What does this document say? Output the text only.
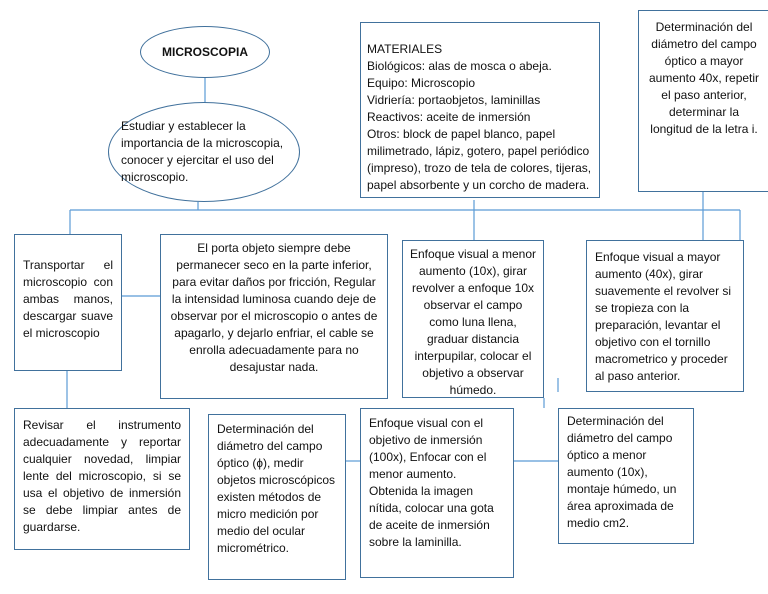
MICROSCOPIA
Estudiar y establecer la importancia de la microscopia, conocer y ejercitar el uso del microscopio.
MATERIALES
Biológicos: alas de mosca o abeja.
Equipo: Microscopio
Vidriería: portaobjetos, laminillas
Reactivos: aceite de inmersión
Otros: block de papel blanco, papel milimetrado, lápiz, gotero, papel periódico (impreso), trozo de tela de colores, tijeras, papel absorbente y un corcho de madera.
Determinación del diámetro del campo óptico a mayor aumento 40x, repetir el paso anterior, determinar la longitud de la letra i.
Transportar el microscopio con ambas manos, descargar suave el microscopio
El porta objeto siempre debe permanecer seco en la parte inferior, para evitar daños por fricción, Regular la intensidad luminosa cuando deje de observar por el microscopio o antes de apagarlo, y dejarlo enfriar, el cable se enrolla adecuadamente para no desajustar nada.
Enfoque visual a menor aumento (10x), girar revolver a enfoque 10x observar el campo como luna llena, graduar distancia interpupilar, colocar el objetivo a observar húmedo.
Enfoque visual a mayor aumento (40x), girar suavemente el revolver si se tropieza con la preparación, levantar el objetivo con el tornillo macrometrico y proceder al paso anterior.
Revisar el instrumento adecuadamente y reportar cualquier novedad, limpiar lente del microscopio, si se usa el objetivo de inmersión se debe limpiar antes de guardarse.
Determinación del diámetro del campo óptico (ɸ), medir objetos microscópicos existen métodos de micro medición por medio del ocular micrométrico.
Enfoque visual con el objetivo de inmersión (100x), Enfocar con el menor aumento. Obtenida la imagen nítida, colocar una gota de aceite de inmersión sobre la laminilla.
Determinación del diámetro del campo óptico a menor aumento (10x), montaje húmedo, un área aproximada de medio cm2.
